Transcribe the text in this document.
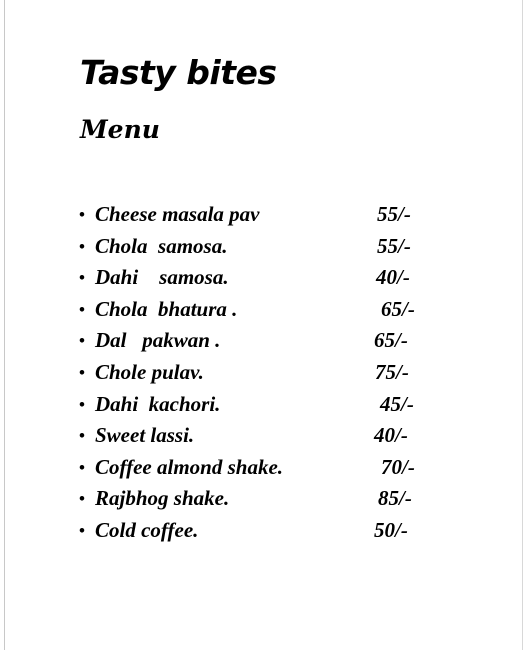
Tasty bites
Menu

•

Cheese masala pav

	55/-

•

Chola  samosa.

	55/-

•

Dahi    samosa.

	40/-

•

Chola  bhatura .

	65/-

•

Dal   pakwan .

	65/-

•

Chole pulav.

	75/-

•

Dahi  kachori.

	45/-

•

Sweet lassi.

	40/-

•

Coffee almond shake.

	70/-

•

Rajbhog shake.

	85/-

•

Cold coffee.

	50/-
